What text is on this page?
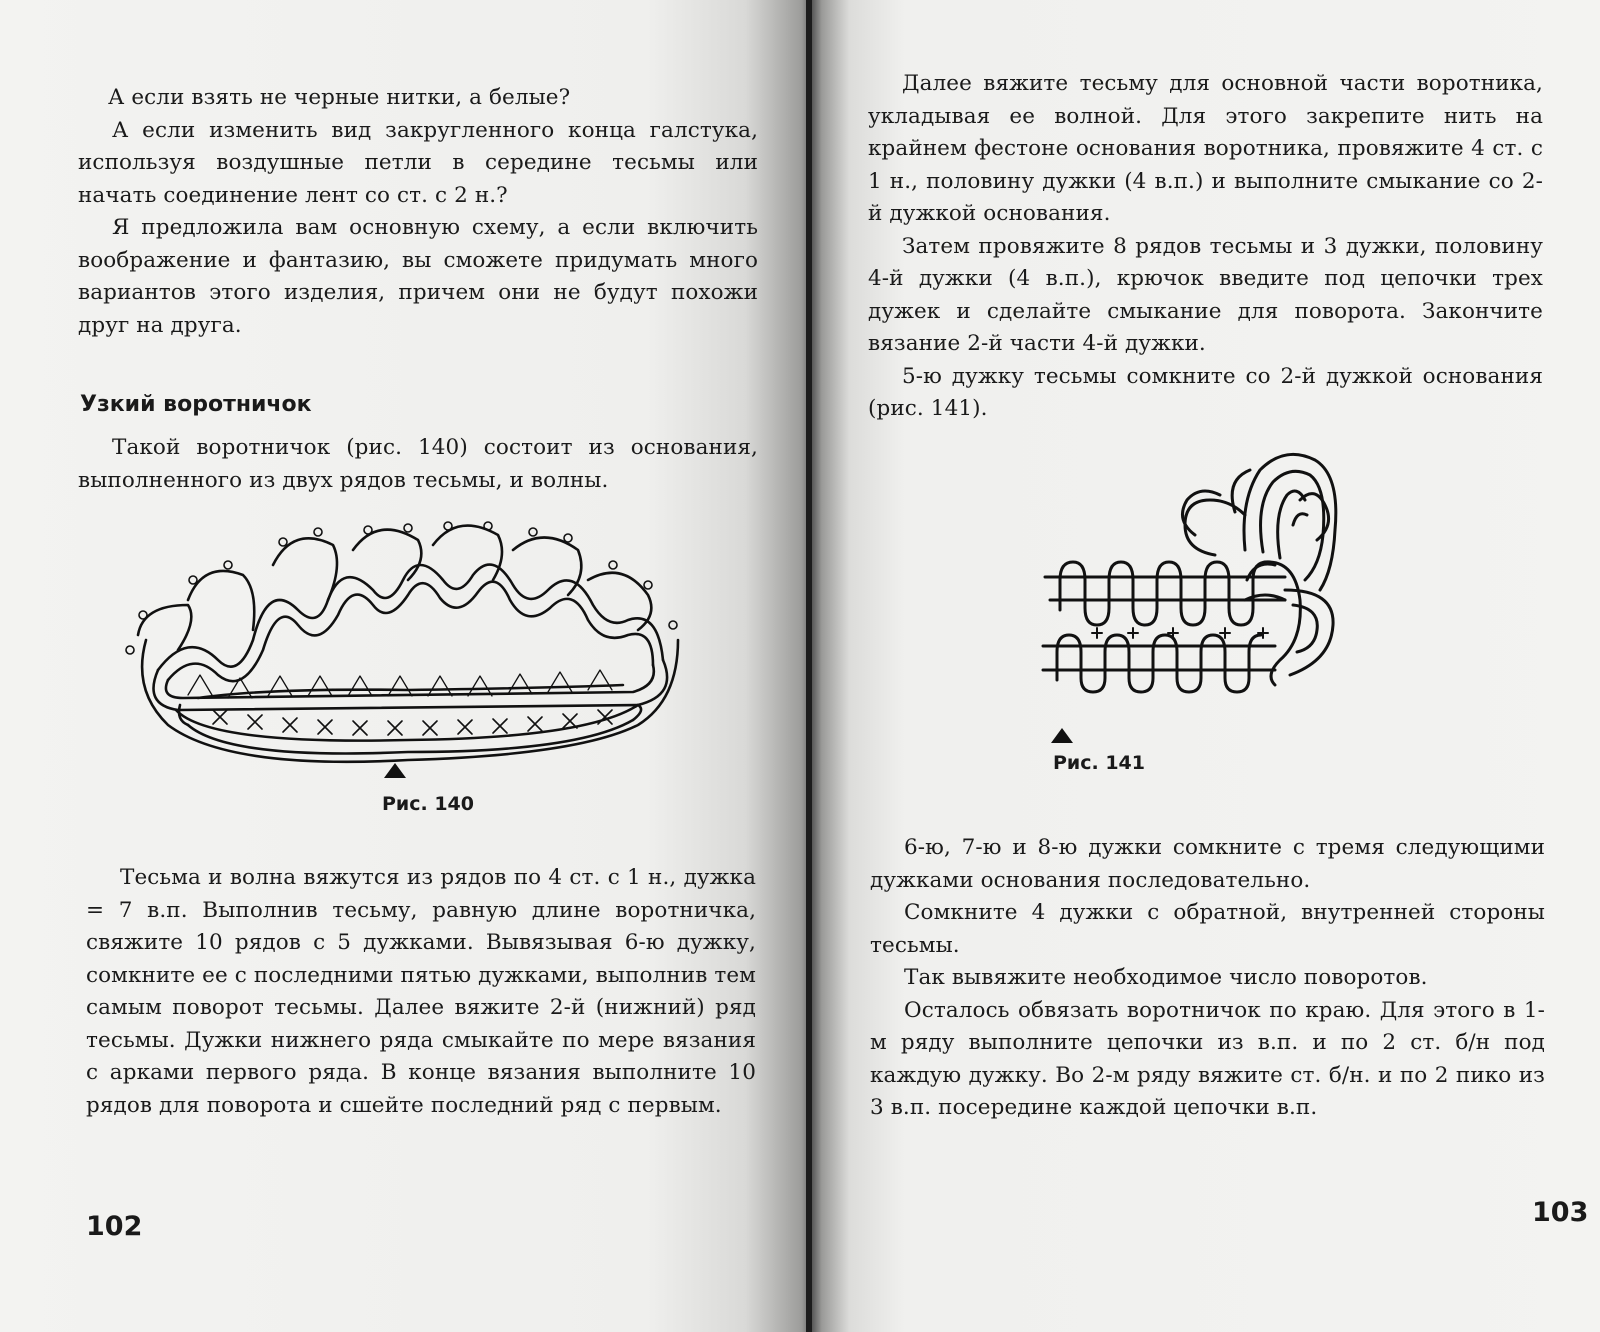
А если взять не черные нитки, а белые?

А если изменить вид закругленного конца галстука, используя воздушные петли в середине тесьмы или начать соединение лент со ст. с 2 н.?

Я предложила вам основную схему, а если включить воображение и фантазию, вы сможете придумать много вариантов этого изделия, причем они не будут похожи друг на друга.

Узкий воротничок

Такой воротничок (рис. 140) состоит из основания, выполненного из двух рядов тесьмы, и волны.

Рис. 140

Тесьма и волна вяжутся из рядов по 4 ст. с 1 н., дужка = 7 в.п. Выполнив тесьму, равную длине воротничка, свяжите 10 рядов с 5 дужками. Вывязывая 6-ю дужку, сомкните ее с последними пятью дужками, выполнив тем самым поворот тесьмы. Далее вяжите 2-й (нижний) ряд тесьмы. Дужки нижнего ряда смыкайте по мере вязания с арками первого ряда. В конце вязания выполните 10 рядов для поворота и сшейте последний ряд с первым.

102

Далее вяжите тесьму для основной части воротника, укладывая ее волной. Для этого закрепите нить на крайнем фестоне основания воротника, провяжите 4 ст. с 1 н., половину дужки (4 в.п.) и выполните смыкание со 2-й дужкой основания.

Затем провяжите 8 рядов тесьмы и 3 дужки, половину 4-й дужки (4 в.п.), крючок введите под цепочки трех дужек и сделайте смыкание для поворота. Закончите вязание 2-й части 4-й дужки.

5-ю дужку тесьмы сомкните со 2-й дужкой основания (рис. 141).

Рис. 141

6-ю, 7-ю и 8-ю дужки сомкните с тремя следующими дужками основания последовательно.

Сомкните 4 дужки с обратной, внутренней стороны тесьмы.

Так вывяжите необходимое число поворотов.

Осталось обвязать воротничок по краю. Для этого в 1-м ряду выполните цепочки из в.п. и по 2 ст. б/н под каждую дужку. Во 2-м ряду вяжите ст. б/н. и по 2 пико из 3 в.п. посередине каждой цепочки в.п.

103
